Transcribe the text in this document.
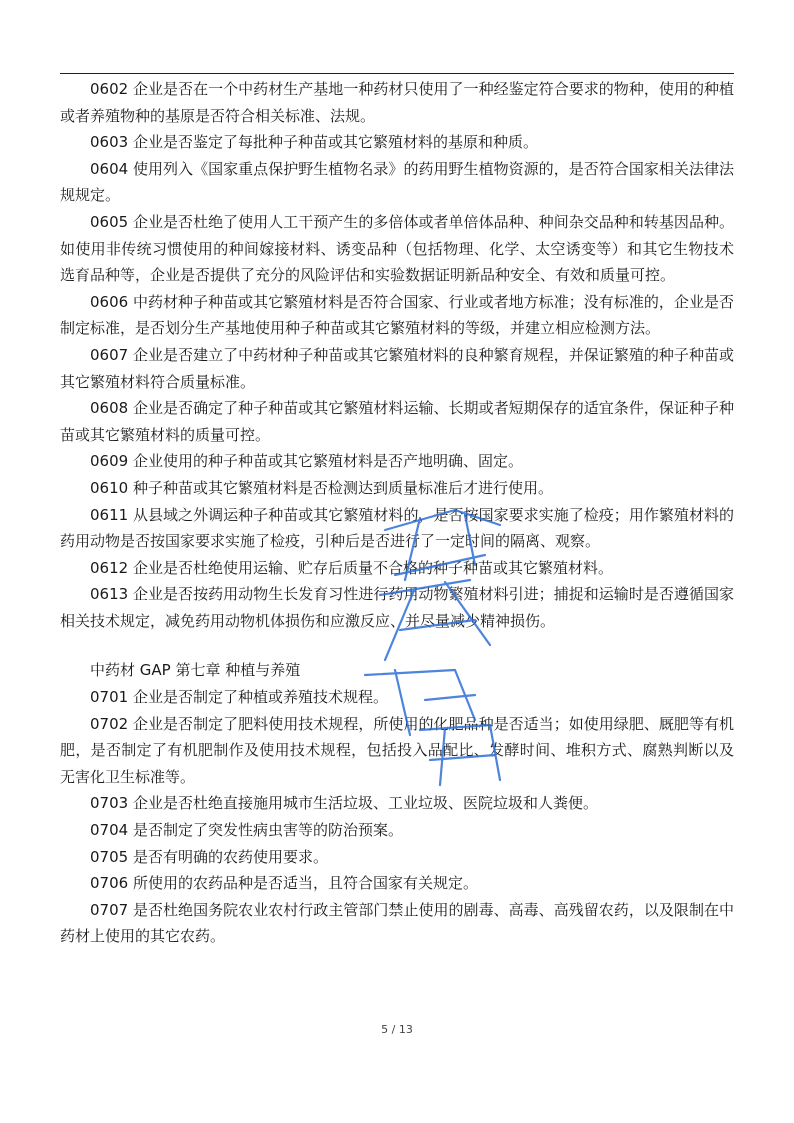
0602 企业是否在一个中药材生产基地一种药材只使用了一种经鉴定符合要求的物种，使用的种植或者养殖物种的基原是否符合相关标准、法规。

0603 企业是否鉴定了每批种子种苗或其它繁殖材料的基原和种质。

0604 使用列入《国家重点保护野生植物名录》的药用野生植物资源的，是否符合国家相关法律法规规定。

0605 企业是否杜绝了使用人工干预产生的多倍体或者单倍体品种、种间杂交品种和转基因品种。如使用非传统习惯使用的种间嫁接材料、诱变品种（包括物理、化学、太空诱变等）和其它生物技术选育品种等，企业是否提供了充分的风险评估和实验数据证明新品种安全、有效和质量可控。

0606 中药材种子种苗或其它繁殖材料是否符合国家、行业或者地方标准；没有标准的，企业是否制定标准，是否划分生产基地使用种子种苗或其它繁殖材料的等级，并建立相应检测方法。

0607 企业是否建立了中药材种子种苗或其它繁殖材料的良种繁育规程，并保证繁殖的种子种苗或其它繁殖材料符合质量标准。

0608 企业是否确定了种子种苗或其它繁殖材料运输、长期或者短期保存的适宜条件，保证种子种苗或其它繁殖材料的质量可控。

0609 企业使用的种子种苗或其它繁殖材料是否产地明确、固定。

0610 种子种苗或其它繁殖材料是否检测达到质量标准后才进行使用。

0611 从县域之外调运种子种苗或其它繁殖材料的，是否按国家要求实施了检疫；用作繁殖材料的药用动物是否按国家要求实施了检疫，引种后是否进行了一定时间的隔离、观察。

0612 企业是否杜绝使用运输、贮存后质量不合格的种子种苗或其它繁殖材料。

0613 企业是否按药用动物生长发育习性进行药用动物繁殖材料引进；捕捉和运输时是否遵循国家相关技术规定，减免药用动物机体损伤和应激反应、并尽量减少精神损伤。

中药材 GAP 第七章 种植与养殖

0701 企业是否制定了种植或养殖技术规程。

0702 企业是否制定了肥料使用技术规程，所使用的化肥品种是否适当；如使用绿肥、厩肥等有机肥，是否制定了有机肥制作及使用技术规程，包括投入品配比、发酵时间、堆积方式、腐熟判断以及无害化卫生标准等。

0703 企业是否杜绝直接施用城市生活垃圾、工业垃圾、医院垃圾和人粪便。

0704 是否制定了突发性病虫害等的防治预案。

0705 是否有明确的农药使用要求。

0706 所使用的农药品种是否适当，且符合国家有关规定。

0707 是否杜绝国务院农业农村行政主管部门禁止使用的剧毒、高毒、高残留农药，以及限制在中药材上使用的其它农药。

5 / 13
